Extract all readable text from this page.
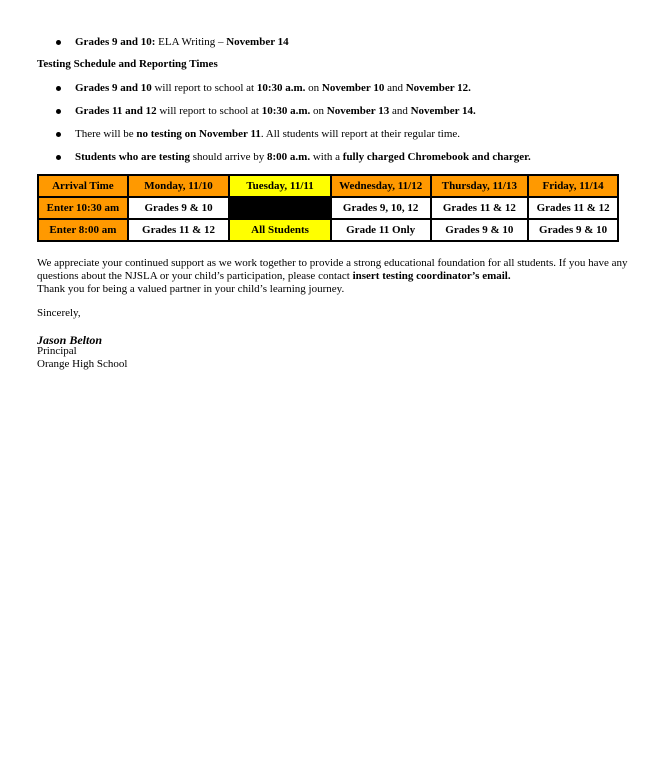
Grades 9 and 10: ELA Writing – November 14
Testing Schedule and Reporting Times
Grades 9 and 10 will report to school at 10:30 a.m. on November 10 and November 12.
Grades 11 and 12 will report to school at 10:30 a.m. on November 13 and November 14.
There will be no testing on November 11. All students will report at their regular time.
Students who are testing should arrive by 8:00 a.m. with a fully charged Chromebook and charger.
Arrival Time	Monday, 11/10	Tuesday, 11/11	Wednesday, 11/12	Thursday, 11/13	Friday, 11/14
Enter 10:30 am	Grades 9 & 10		Grades 9, 10, 12	Grades 11 & 12	Grades 11 & 12
Enter 8:00 am	Grades 11 & 12	All Students	Grade 11 Only	Grades 9 & 10	Grades 9 & 10
We appreciate your continued support as we work together to provide a strong educational foundation for all students. If you have any
questions about the NJSLA or your child’s participation, please contact insert testing coordinator’s email.
Thank you for being a valued partner in your child’s learning journey.
Sincerely,
Jason Belton
Principal
Orange High School
